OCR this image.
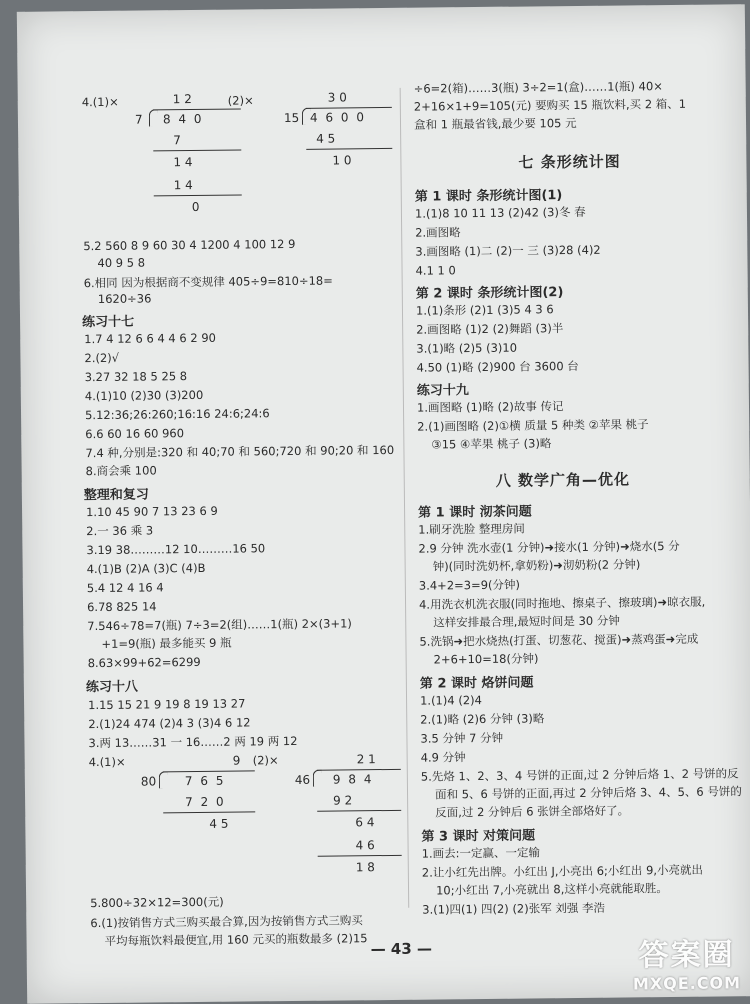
4.(1)×	(2)×
1 2
7 8 4 0
7
1 4
1 4
0
3 0
15 4 6 0 0
4 5
1 0
5.2 560 8 9 60 30 4 1200 4 100 12 9
40 9 5 8
6.相同 因为根据商不变规律 405÷9=810÷18=
1620÷36
练习十七
1.7 4 12 6 6 4 4 6 2 90
2.(2)√
3.27 32 18 5 25 8
4.(1)10 (2)30 (3)200
5.12:36;26:260;16:16 24:6;24:6
6.6 60 16 60 960
7.4 种,分别是:320 和 40;70 和 560;720 和 90;20 和 160
8.商会乘 100
整理和复习
1.10 45 90 7 13 23 6 9
2.一 36 乘 3
3.19 38………12 10………16 50
4.(1)B (2)A (3)C (4)B
5.4 12 4 16 4
6.78 825 14
7.546÷78=7(瓶) 7÷3=2(组)……1(瓶) 2×(3+1)
+1=9(瓶) 最多能买 9 瓶
8.63×99+62=6299
练习十八
1.15 15 21 9 19 8 19 13 27
2.(1)24 474 (2)4 3 (3)4 6 12
3.两 13……31 一 16……2 两 19 两 12
4.(1)×	(2)×
9
80 7 6 5
7 2 0
4 5
2 1
46 9 8 4
9 2
6 4
4 6
1 8
5.800÷32×12=300(元)
6.(1)按销售方式三购买最合算,因为按销售方式三购买
平均每瓶饮料最便宜,用 160 元买的瓶数最多 (2)15
÷6=2(箱)……3(瓶) 3÷2=1(盒)……1(瓶) 40×
2+16×1+9=105(元) 要购买 15 瓶饮料,买 2 箱、1
盒和 1 瓶最省钱,最少要 105 元
七 条形统计图
第 1 课时 条形统计图(1)
1.(1)8 10 11 13 (2)42 (3)冬 春
2.画图略
3.画图略 (1)二 (2)一 三 (3)28 (4)2
4.1 1 0
第 2 课时 条形统计图(2)
1.(1)条形 (2)1 (3)5 4 3 6
2.画图略 (1)2 (2)舞蹈 (3)半
3.(1)略 (2)5 (3)10
4.50 (1)略 (2)900 台 3600 台
练习十九
1.画图略 (1)略 (2)故事 传记
2.(1)画图略 (2)①横 质量 5 种类 ②苹果 桃子
③15 ④苹果 桃子 (3)略
八 数学广角—优化
第 1 课时 沏茶问题
1.刷牙洗脸 整理房间
2.9 分钟 洗水壶(1 分钟)➜接水(1 分钟)➜烧水(5 分
钟)(同时洗奶杯,拿奶粉)➜沏奶粉(2 分钟)
3.4+2=3=9(分钟)
4.用洗衣机洗衣服(同时拖地、擦桌子、擦玻璃)➜晾衣服,
这样安排最合理,最短时间是 30 分钟
5.洗锅➜把水烧热(打蛋、切葱花、搅蛋)➜蒸鸡蛋➜完成
2+6+10=18(分钟)
第 2 课时 烙饼问题
1.(1)4 (2)4
2.(1)略 (2)6 分钟 (3)略
3.5 分钟 7 分钟
4.9 分钟
5.先烙 1、2、3、4 号饼的正面,过 2 分钟后烙 1、2 号饼的反
面和 5、6 号饼的正面,再过 2 分钟后烙 3、4、5、6 号饼的
反面,过 2 分钟后 6 张饼全部烙好了。
第 3 课时 对策问题
1.画去:一定赢、一定输
2.让小红先出牌。小红出 J,小亮出 6;小红出 9,小亮就出
10;小红出 7,小亮就出 8,这样小亮就能取胜。
3.(1)四(1) 四(2) (2)张军 刘强 李浩
— 43 —	答案圈
MXQE.COM
